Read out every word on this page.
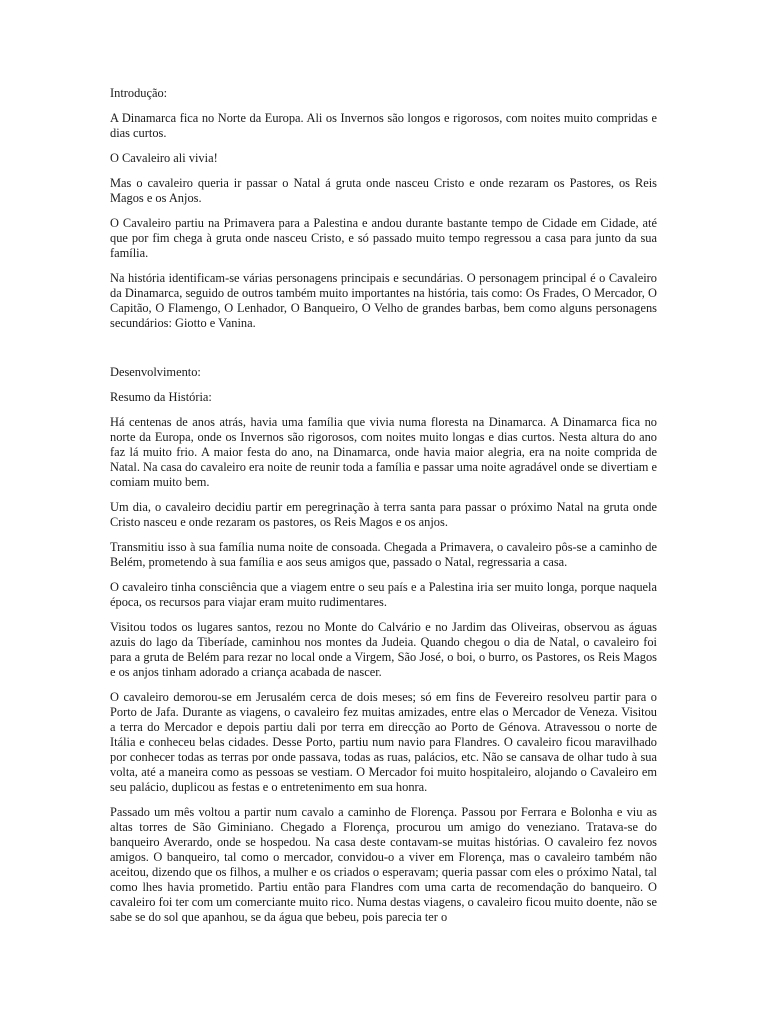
Introdução:

A Dinamarca fica no Norte da Europa. Ali os Invernos são longos e rigorosos, com noites muito compridas e dias curtos.

O Cavaleiro ali vivia!

Mas o cavaleiro queria ir passar o Natal á gruta onde nasceu Cristo e onde rezaram os Pastores, os Reis Magos e os Anjos.

O Cavaleiro partiu na Primavera para a Palestina e andou durante bastante tempo de Cidade em Cidade, até que por fim chega à gruta onde nasceu Cristo, e só passado muito tempo regressou a casa para junto da sua família.

Na história identificam-se várias personagens principais e secundárias. O personagem principal é o Cavaleiro da Dinamarca, seguido de outros também muito importantes na história, tais como: Os Frades, O Mercador, O Capitão, O Flamengo, O Lenhador, O Banqueiro, O Velho de grandes barbas, bem como alguns personagens secundários: Giotto e Vanina.

Desenvolvimento:

Resumo da História:

Há centenas de anos atrás, havia uma família que vivia numa floresta na Dinamarca. A Dinamarca fica no norte da Europa, onde os Invernos são rigorosos, com noites muito longas e dias curtos. Nesta altura do ano faz lá muito frio. A maior festa do ano, na Dinamarca, onde havia maior alegria, era na noite comprida de Natal. Na casa do cavaleiro era noite de reunir toda a família e passar uma noite agradável onde se divertiam e comiam muito bem.

Um dia, o cavaleiro decidiu partir em peregrinação à terra santa para passar o próximo Natal na gruta onde Cristo nasceu e onde rezaram os pastores, os Reis Magos e os anjos.

Transmitiu isso à sua família numa noite de consoada. Chegada a Primavera, o cavaleiro pôs-se a caminho de Belém, prometendo à sua família e aos seus amigos que, passado o Natal, regressaria a casa.

O cavaleiro tinha consciência que a viagem entre o seu país e a Palestina iria ser muito longa, porque naquela época, os recursos para viajar eram muito rudimentares.

Visitou todos os lugares santos, rezou no Monte do Calvário e no Jardim das Oliveiras, observou as águas azuis do lago da Tiberíade, caminhou nos montes da Judeia. Quando chegou o dia de Natal, o cavaleiro foi para a gruta de Belém para rezar no local onde a Virgem, São José, o boi, o burro, os Pastores, os Reis Magos e os anjos tinham adorado a criança acabada de nascer.

O cavaleiro demorou-se em Jerusalém cerca de dois meses; só em fins de Fevereiro resolveu partir para o Porto de Jafa. Durante as viagens, o cavaleiro fez muitas amizades, entre elas o Mercador de Veneza. Visitou a terra do Mercador e depois partiu dali por terra em direcção ao Porto de Génova. Atravessou o norte de Itália e conheceu belas cidades. Desse Porto, partiu num navio para Flandres. O cavaleiro ficou maravilhado por conhecer todas as terras por onde passava, todas as ruas, palácios, etc. Não se cansava de olhar tudo à sua volta, até a maneira como as pessoas se vestiam. O Mercador foi muito hospitaleiro, alojando o Cavaleiro em seu palácio, duplicou as festas e o entretenimento em sua honra.

Passado um mês voltou a partir num cavalo a caminho de Florença. Passou por Ferrara e Bolonha e viu as altas torres de São Giminiano. Chegado a Florença, procurou um amigo do veneziano. Tratava-se do banqueiro Averardo, onde se hospedou. Na casa deste contavam-se muitas histórias. O cavaleiro fez novos amigos. O banqueiro, tal como o mercador, convidou-o a viver em Florença, mas o cavaleiro também não aceitou, dizendo que os filhos, a mulher e os criados o esperavam; queria passar com eles o próximo Natal, tal como lhes havia prometido. Partiu então para Flandres com uma carta de recomendação do banqueiro. O cavaleiro foi ter com um comerciante muito rico. Numa destas viagens, o cavaleiro ficou muito doente, não se sabe se do sol que apanhou, se da água que bebeu, pois parecia ter o
